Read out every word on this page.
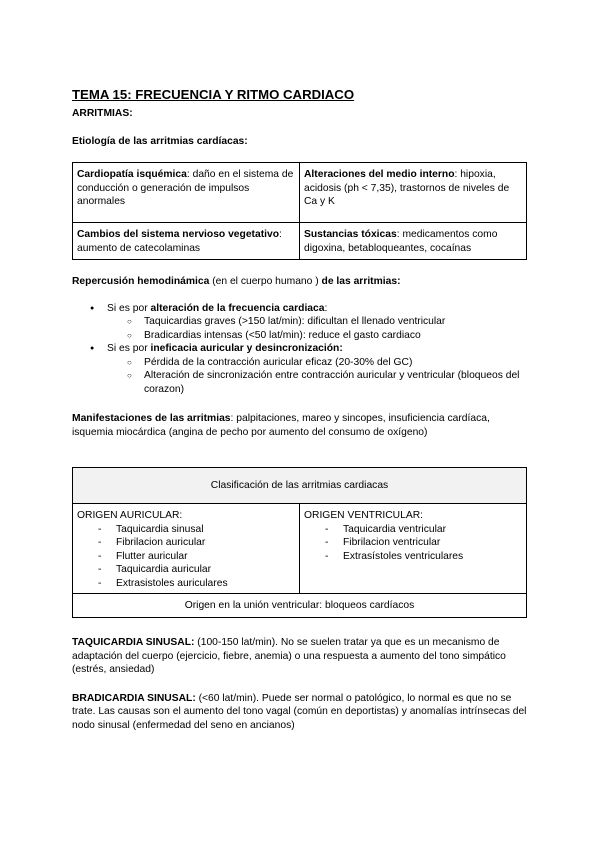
TEMA 15: FRECUENCIA Y RITMO CARDIACO
ARRITMIAS:
Etiología de las arritmias cardíacas:
Cardiopatía isquémica: daño en el sistema de conducción o generación de impulsos anormales	Alteraciones del medio interno: hipoxia, acidosis (ph < 7,35), trastornos de niveles de Ca y K
Cambios del sistema nervioso vegetativo: aumento de catecolaminas	Sustancias tóxicas: medicamentos como digoxina, betabloqueantes, cocaínas
Repercusión hemodinámica (en el cuerpo humano ) de las arritmias:
● Si es por alteración de la frecuencia cardiaca:
○ Taquicardias graves (>150 lat/min): dificultan el llenado ventricular
○ Bradicardias intensas (<50 lat/min): reduce el gasto cardiaco
● Si es por ineficacia auricular y desincronización:
○ Pérdida de la contracción auricular eficaz (20-30% del GC)
○ Alteración de sincronización entre contracción auricular y ventricular (bloqueos del corazon)
Manifestaciones de las arritmias: palpitaciones, mareo y sincopes, insuficiencia cardíaca, isquemia miocárdica (angina de pecho por aumento del consumo de oxígeno)
Clasificación de las arritmias cardiacas

ORIGEN AURICULAR:
- Taquicardia sinusal
- Fibrilacion auricular
- Flutter auricular
- Taquicardia auricular
- Extrasistoles auriculares

ORIGEN VENTRICULAR:
- Taquicardia ventricular
- Fibrilacion ventricular
- Extrasístoles ventriculares

Origen en la unión ventricular: bloqueos cardíacos
TAQUICARDIA SINUSAL: (100-150 lat/min). No se suelen tratar ya que es un mecanismo de adaptación del cuerpo (ejercicio, fiebre, anemia) o una respuesta a aumento del tono simpático (estrés, ansiedad)
BRADICARDIA SINUSAL: (<60 lat/min). Puede ser normal o patológico, lo normal es que no se trate. Las causas son el aumento del tono vagal (común en deportistas) y anomalías intrínsecas del nodo sinusal (enfermedad del seno en ancianos)
